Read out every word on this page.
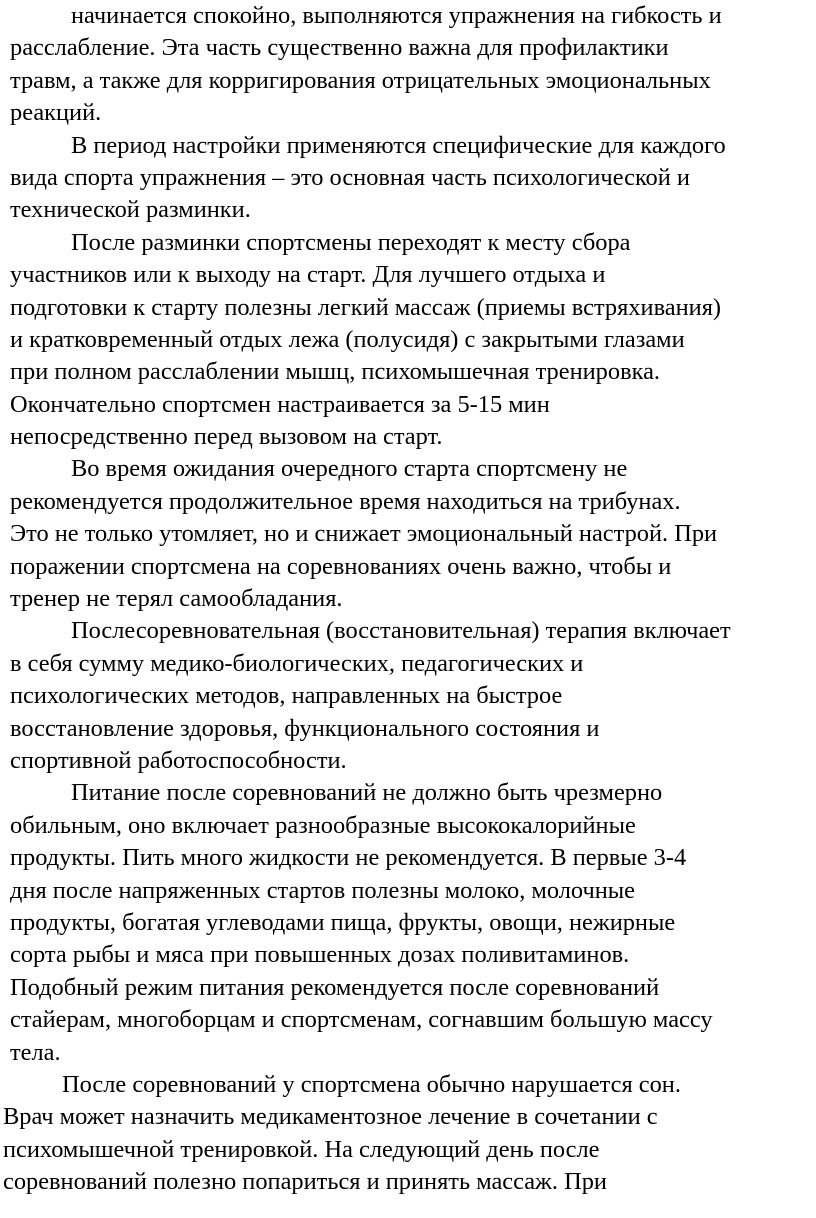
начинается спокойно, выполняются упражнения на гибкость и
расслабление. Эта часть существенно важна для профилактики
травм, а также для корригирования отрицательных эмоциональных
реакций.

В период настройки применяются специфические для каждого
вида спорта упражнения – это основная часть психологической и
технической разминки.

После разминки спортсмены переходят к месту сбора
участников или к выходу на старт. Для лучшего отдыха и
подготовки к старту полезны легкий массаж (приемы встряхивания)
и кратковременный отдых лежа (полусидя) с закрытыми глазами
при полном расслаблении мышц, психомышечная тренировка.
Окончательно спортсмен настраивается за 5-15 мин
непосредственно перед вызовом на старт.

Во время ожидания очередного старта спортсмену не
рекомендуется продолжительное время находиться на трибунах.
Это не только утомляет, но и снижает эмоциональный настрой. При
поражении спортсмена на соревнованиях очень важно, чтобы и
тренер не терял самообладания.

Послесоревновательная (восстановительная) терапия включает
в себя сумму медико-биологических, педагогических и
психологических методов, направленных на быстрое
восстановление здоровья, функционального состояния и
спортивной работоспособности.

Питание после соревнований не должно быть чрезмерно
обильным, оно включает разнообразные высококалорийные
продукты. Пить много жидкости не рекомендуется. В первые 3-4
дня после напряженных стартов полезны молоко, молочные
продукты, богатая углеводами пища, фрукты, овощи, нежирные
сорта рыбы и мяса при повышенных дозах поливитаминов.
Подобный режим питания рекомендуется после соревнований
стайерам, многоборцам и спортсменам, согнавшим большую массу
тела.

После соревнований у спортсмена обычно нарушается сон.
Врач может назначить медикаментозное лечение в сочетании с
психомышечной тренировкой. На следующий день после
соревнований полезно попариться и принять массаж. При
